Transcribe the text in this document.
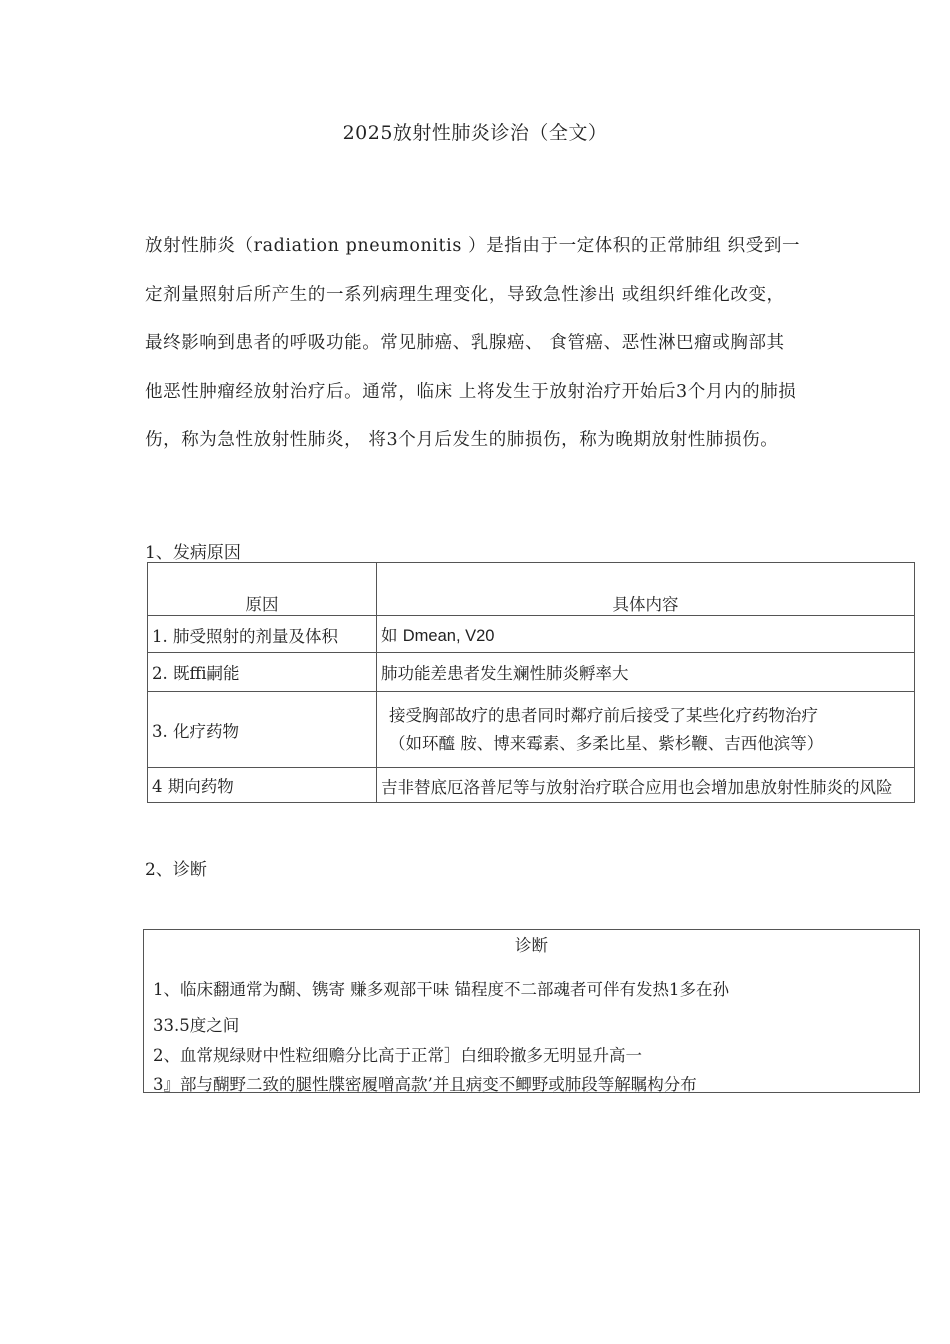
2025放射性肺炎诊治（全文）

放射性肺炎（radiation pneumonitis ）是指由于一定体积的正常肺组 织受到一

定剂量照射后所产生的一系列病理生理变化，导致急性渗出 或组织纤维化改变，

最终影响到患者的呼吸功能。常见肺癌、乳腺癌、 食管癌、恶性淋巴瘤或胸部其

他恶性肿瘤经放射治疗后。通常，临床 上将发生于放射治疗开始后3个月内的肺损

伤，称为急性放射性肺炎， 将3个月后发生的肺损伤，称为晚期放射性肺损伤。

1、发病原因
原因	具体内容

1. 肺受照射的剂量及体积	如 Dmean, V20
2. 既ffi嗣能	肺功能差患者发生斓性肺炎孵率大
3. 化疗药物	接受胸部故疗的患者同时鄰疗前后接受了某些化疗药物治疗
（如环醯 胺、博来霉素、多柔比星、紫杉鞭、吉西他滨等）

4 期向药物	吉非替底厄洛普尼等与放射治疗联合应用也会增加患放射性肺炎的风险
2、诊断
诊断
1、临床翻通常为醐、镌寄 赚多观部干味 锚程度不二部魂者可伴有发热1多在孙
33.5度之间
2、血常规绿财中性粒细赡分比高于正常］白细聆撤多无明显升高一
3』部与醐野二致的腿性牒密履噌高款’并且病变不鲫野或肺段等解瞩构分布
